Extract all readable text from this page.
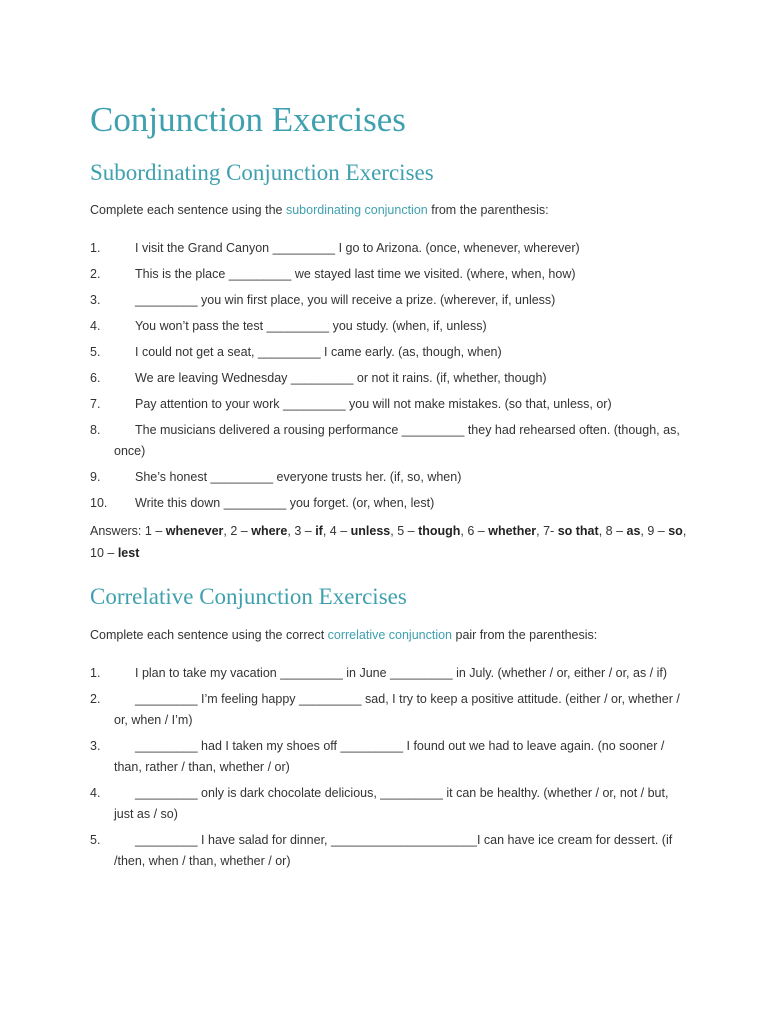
Conjunction Exercises
Subordinating Conjunction Exercises

Complete each sentence using the subordinating conjunction from the parenthesis:

1.	I visit the Grand Canyon _________ I go to Arizona. (once, whenever, wherever)
2.	This is the place _________ we stayed last time we visited. (where, when, how)
3.	_________ you win first place, you will receive a prize. (wherever, if, unless)
4.	You won’t pass the test _________ you study. (when, if, unless)
5.	I could not get a seat, _________ I came early. (as, though, when)
6.	We are leaving Wednesday _________ or not it rains. (if, whether, though)
7.	Pay attention to your work _________ you will not make mistakes. (so that, unless, or)
8.	The musicians delivered a rousing performance _________ they had rehearsed often. (though, as, once)
9.	She’s honest _________ everyone trusts her. (if, so, when)
10.	Write this down _________ you forget. (or, when, lest)

Answers: 1 – whenever, 2 – where, 3 – if, 4 – unless, 5 – though, 6 – whether, 7- so that, 8 – as, 9 – so, 10 – lest

Correlative Conjunction Exercises

Complete each sentence using the correct correlative conjunction pair from the parenthesis:

1.	I plan to take my vacation _________ in June _________ in July. (whether / or, either / or, as / if)
2.	_________ I’m feeling happy _________ sad, I try to keep a positive attitude. (either / or, whether / or, when / I’m)
3.	_________ had I taken my shoes off _________ I found out we had to leave again. (no sooner / than, rather / than, whether / or)
4.	_________ only is dark chocolate delicious, _________ it can be healthy. (whether / or, not / but, just as / so)
5.	_________ I have salad for dinner, _____________________I can have ice cream for dessert. (if /then, when / than, whether / or)
